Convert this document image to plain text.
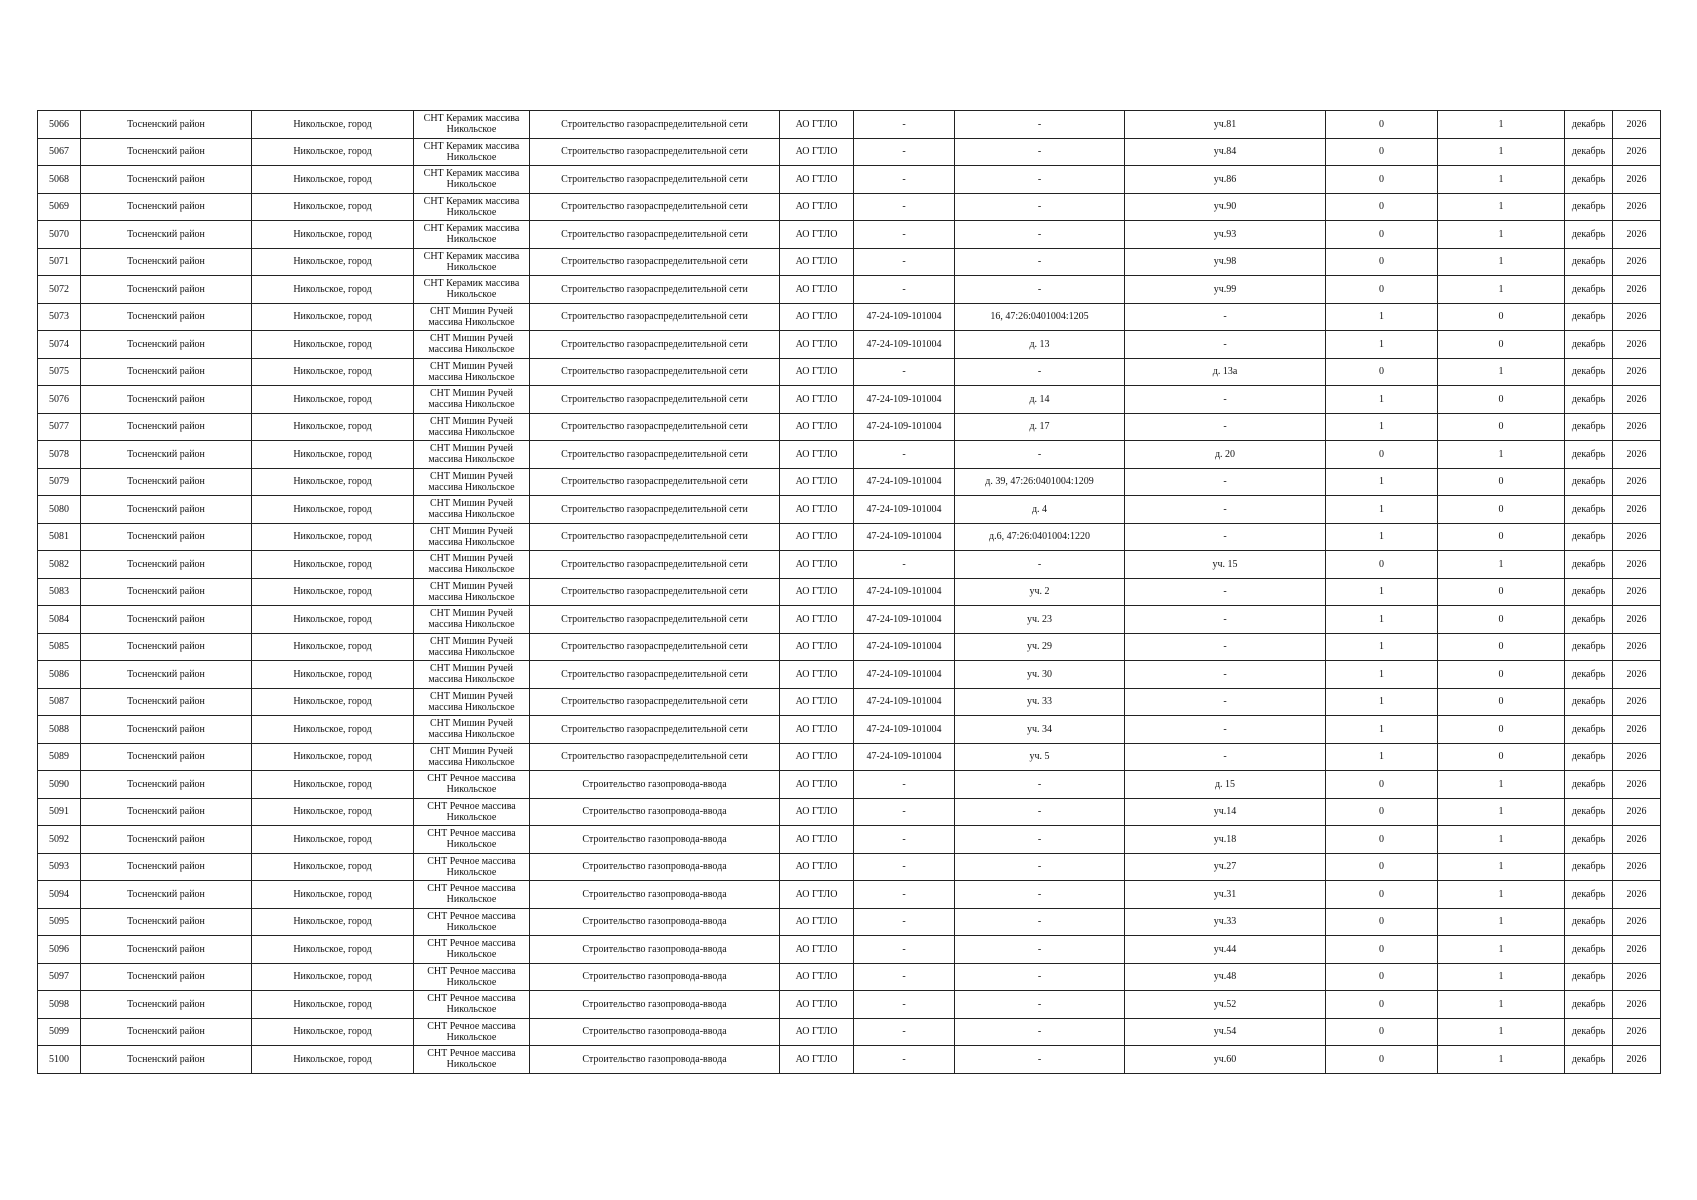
5066	Тосненский район	Никольское, город	СНТ Керамик массива Никольское	Строительство газораспределительной сети	АО ГТЛО	-	-	уч.81	0	1	декабрь	2026
5067	Тосненский район	Никольское, город	СНТ Керамик массива Никольское	Строительство газораспределительной сети	АО ГТЛО	-	-	уч.84	0	1	декабрь	2026
5068	Тосненский район	Никольское, город	СНТ Керамик массива Никольское	Строительство газораспределительной сети	АО ГТЛО	-	-	уч.86	0	1	декабрь	2026
5069	Тосненский район	Никольское, город	СНТ Керамик массива Никольское	Строительство газораспределительной сети	АО ГТЛО	-	-	уч.90	0	1	декабрь	2026
5070	Тосненский район	Никольское, город	СНТ Керамик массива Никольское	Строительство газораспределительной сети	АО ГТЛО	-	-	уч.93	0	1	декабрь	2026
5071	Тосненский район	Никольское, город	СНТ Керамик массива Никольское	Строительство газораспределительной сети	АО ГТЛО	-	-	уч.98	0	1	декабрь	2026
5072	Тосненский район	Никольское, город	СНТ Керамик массива Никольское	Строительство газораспределительной сети	АО ГТЛО	-	-	уч.99	0	1	декабрь	2026
5073	Тосненский район	Никольское, город	СНТ Мишин Ручей массива Никольское	Строительство газораспределительной сети	АО ГТЛО	47-24-109-101004	16, 47:26:0401004:1205	-	1	0	декабрь	2026
5074	Тосненский район	Никольское, город	СНТ Мишин Ручей массива Никольское	Строительство газораспределительной сети	АО ГТЛО	47-24-109-101004	д. 13	-	1	0	декабрь	2026
5075	Тосненский район	Никольское, город	СНТ Мишин Ручей массива Никольское	Строительство газораспределительной сети	АО ГТЛО	-	-	д. 13а	0	1	декабрь	2026
5076	Тосненский район	Никольское, город	СНТ Мишин Ручей массива Никольское	Строительство газораспределительной сети	АО ГТЛО	47-24-109-101004	д. 14	-	1	0	декабрь	2026
5077	Тосненский район	Никольское, город	СНТ Мишин Ручей массива Никольское	Строительство газораспределительной сети	АО ГТЛО	47-24-109-101004	д. 17	-	1	0	декабрь	2026
5078	Тосненский район	Никольское, город	СНТ Мишин Ручей массива Никольское	Строительство газораспределительной сети	АО ГТЛО	-	-	д. 20	0	1	декабрь	2026
5079	Тосненский район	Никольское, город	СНТ Мишин Ручей массива Никольское	Строительство газораспределительной сети	АО ГТЛО	47-24-109-101004	д. 39, 47:26:0401004:1209	-	1	0	декабрь	2026
5080	Тосненский район	Никольское, город	СНТ Мишин Ручей массива Никольское	Строительство газораспределительной сети	АО ГТЛО	47-24-109-101004	д. 4	-	1	0	декабрь	2026
5081	Тосненский район	Никольское, город	СНТ Мишин Ручей массива Никольское	Строительство газораспределительной сети	АО ГТЛО	47-24-109-101004	д.6, 47:26:0401004:1220	-	1	0	декабрь	2026
5082	Тосненский район	Никольское, город	СНТ Мишин Ручей массива Никольское	Строительство газораспределительной сети	АО ГТЛО	-	-	уч. 15	0	1	декабрь	2026
5083	Тосненский район	Никольское, город	СНТ Мишин Ручей массива Никольское	Строительство газораспределительной сети	АО ГТЛО	47-24-109-101004	уч. 2	-	1	0	декабрь	2026
5084	Тосненский район	Никольское, город	СНТ Мишин Ручей массива Никольское	Строительство газораспределительной сети	АО ГТЛО	47-24-109-101004	уч. 23	-	1	0	декабрь	2026
5085	Тосненский район	Никольское, город	СНТ Мишин Ручей массива Никольское	Строительство газораспределительной сети	АО ГТЛО	47-24-109-101004	уч. 29	-	1	0	декабрь	2026
5086	Тосненский район	Никольское, город	СНТ Мишин Ручей массива Никольское	Строительство газораспределительной сети	АО ГТЛО	47-24-109-101004	уч. 30	-	1	0	декабрь	2026
5087	Тосненский район	Никольское, город	СНТ Мишин Ручей массива Никольское	Строительство газораспределительной сети	АО ГТЛО	47-24-109-101004	уч. 33	-	1	0	декабрь	2026
5088	Тосненский район	Никольское, город	СНТ Мишин Ручей массива Никольское	Строительство газораспределительной сети	АО ГТЛО	47-24-109-101004	уч. 34	-	1	0	декабрь	2026
5089	Тосненский район	Никольское, город	СНТ Мишин Ручей массива Никольское	Строительство газораспределительной сети	АО ГТЛО	47-24-109-101004	уч. 5	-	1	0	декабрь	2026
5090	Тосненский район	Никольское, город	СНТ Речное массива Никольское	Строительство газопровода-ввода	АО ГТЛО	-	-	д. 15	0	1	декабрь	2026
5091	Тосненский район	Никольское, город	СНТ Речное массива Никольское	Строительство газопровода-ввода	АО ГТЛО	-	-	уч.14	0	1	декабрь	2026
5092	Тосненский район	Никольское, город	СНТ Речное массива Никольское	Строительство газопровода-ввода	АО ГТЛО	-	-	уч.18	0	1	декабрь	2026
5093	Тосненский район	Никольское, город	СНТ Речное массива Никольское	Строительство газопровода-ввода	АО ГТЛО	-	-	уч.27	0	1	декабрь	2026
5094	Тосненский район	Никольское, город	СНТ Речное массива Никольское	Строительство газопровода-ввода	АО ГТЛО	-	-	уч.31	0	1	декабрь	2026
5095	Тосненский район	Никольское, город	СНТ Речное массива Никольское	Строительство газопровода-ввода	АО ГТЛО	-	-	уч.33	0	1	декабрь	2026
5096	Тосненский район	Никольское, город	СНТ Речное массива Никольское	Строительство газопровода-ввода	АО ГТЛО	-	-	уч.44	0	1	декабрь	2026
5097	Тосненский район	Никольское, город	СНТ Речное массива Никольское	Строительство газопровода-ввода	АО ГТЛО	-	-	уч.48	0	1	декабрь	2026
5098	Тосненский район	Никольское, город	СНТ Речное массива Никольское	Строительство газопровода-ввода	АО ГТЛО	-	-	уч.52	0	1	декабрь	2026
5099	Тосненский район	Никольское, город	СНТ Речное массива Никольское	Строительство газопровода-ввода	АО ГТЛО	-	-	уч.54	0	1	декабрь	2026
5100	Тосненский район	Никольское, город	СНТ Речное массива Никольское	Строительство газопровода-ввода	АО ГТЛО	-	-	уч.60	0	1	декабрь	2026
